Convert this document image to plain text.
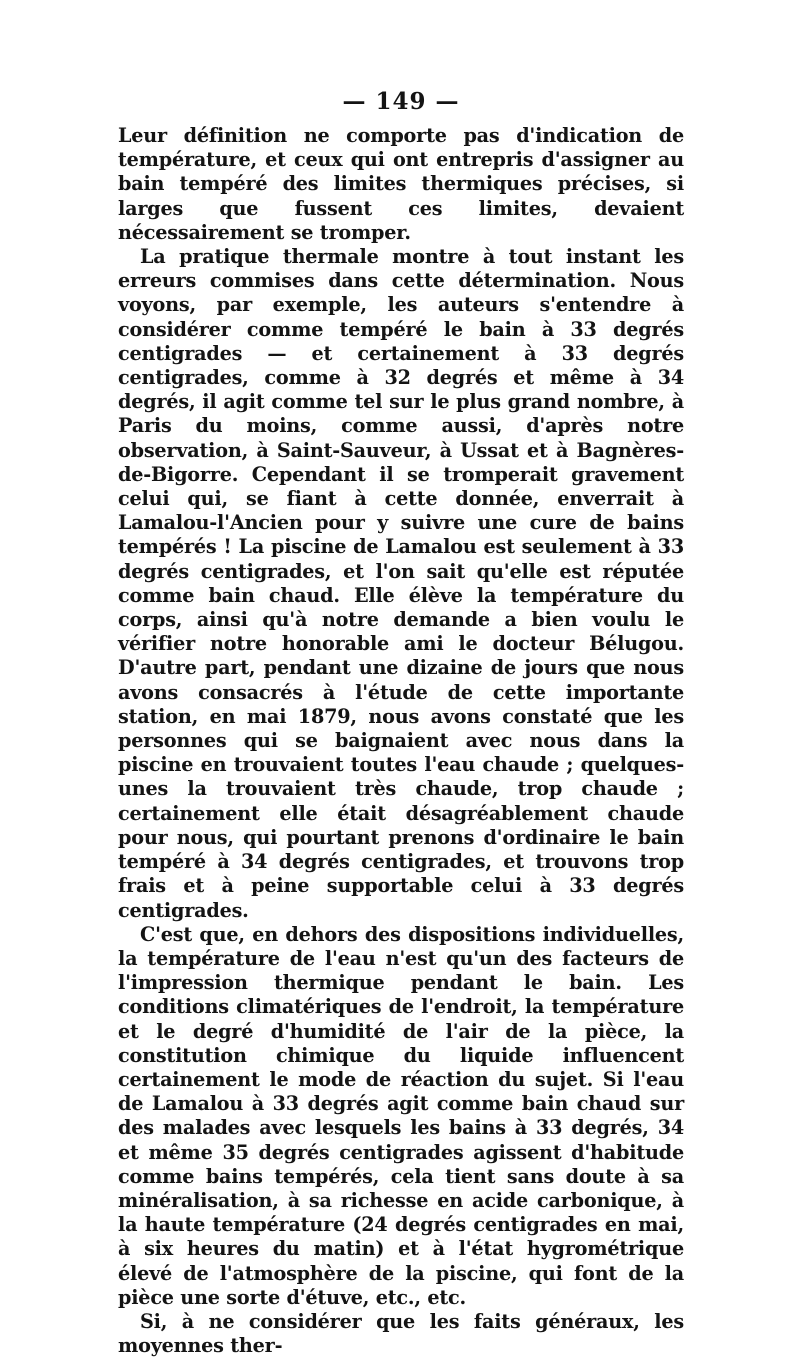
— 149 —

Leur définition ne comporte pas d'indication de température, et ceux qui ont entrepris d'assigner au bain tempéré des limites thermiques précises, si larges que fussent ces limites, devaient nécessairement se tromper.

La pratique thermale montre à tout instant les erreurs commises dans cette détermination. Nous voyons, par exemple, les auteurs s'entendre à considérer comme tempéré le bain à 33 degrés centigrades — et certainement à 33 degrés centigrades, comme à 32 degrés et même à 34 degrés, il agit comme tel sur le plus grand nombre, à Paris du moins, comme aussi, d'après notre observation, à Saint-Sauveur, à Ussat et à Bagnères-de-Bigorre. Cependant il se tromperait gravement celui qui, se fiant à cette donnée, enverrait à Lamalou-l'Ancien pour y suivre une cure de bains tempérés ! La piscine de Lamalou est seulement à 33 degrés centigrades, et l'on sait qu'elle est réputée comme bain chaud. Elle élève la température du corps, ainsi qu'à notre demande a bien voulu le vérifier notre honorable ami le docteur Bélugou. D'autre part, pendant une dizaine de jours que nous avons consacrés à l'étude de cette importante station, en mai 1879, nous avons constaté que les personnes qui se baignaient avec nous dans la piscine en trouvaient toutes l'eau chaude ; quelques-unes la trouvaient très chaude, trop chaude ; certainement elle était désagréablement chaude pour nous, qui pourtant prenons d'ordinaire le bain tempéré à 34 degrés centigrades, et trouvons trop frais et à peine supportable celui à 33 degrés centigrades.

C'est que, en dehors des dispositions individuelles, la température de l'eau n'est qu'un des facteurs de l'impression thermique pendant le bain. Les conditions climatériques de l'endroit, la température et le degré d'humidité de l'air de la pièce, la constitution chimique du liquide influencent certainement le mode de réaction du sujet. Si l'eau de Lamalou à 33 degrés agit comme bain chaud sur des malades avec lesquels les bains à 33 degrés, 34 et même 35 degrés centigrades agissent d'habitude comme bains tempérés, cela tient sans doute à sa minéralisation, à sa richesse en acide carbonique, à la haute température (24 degrés centigrades en mai, à six heures du matin) et à l'état hygrométrique élevé de l'atmosphère de la piscine, qui font de la pièce une sorte d'étuve, etc., etc.

Si, à ne considérer que les faits généraux, les moyennes ther-
